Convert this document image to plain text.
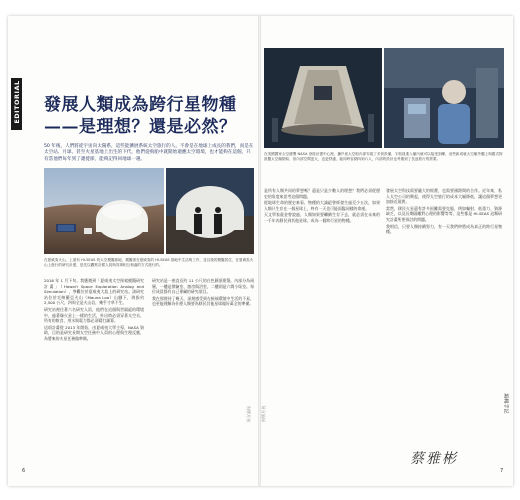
EDITORIAL 發展人類成為跨行星物種
——是理想？還是必然？
50 年後，人們將從宇宙向太陽系，這些能擴展系統太空旅行的人。不會是在地球上成長的我們，而是在太空站、月球、甚至火星基地上出生的下代，他們從飛船中就開始適應太空環境，也才能夠在這個，只有當他們每年到了遷徙節，能夠記得回地球一趟。
在夏威夷火山，上面有 HI-SEAS 的太空模擬基地，模擬著在夏威夷的 HI-SEAS 基地中生活與工作，並以後的模擬居住，在夏威夷火山上進行的研究計畫，是先以觀察各樣人員與同事相互相處的方式進行的。

2016 年 1 月下旬，我應邀到「夏威夷太空探索模擬研究計畫」（Hawai'i Space Exploration Analog and Simulation），參觀位於夏威夷大島上的研究站。該研究站位於毛納羅亞火山（Mauna Loa）山腳下，海拔約 2,500 公尺，四周全是火山岩，幾乎寸草不生。

研究站裡住著六名研究人員，他們在這個與世隔絕的環境中，過著像火星上一樣的生活，外出時必須穿著太空衣，所有的飲食、用水與電力都必須精打細算。

這項計畫從 2013 年開始，由夏威夷大學主導，NASA 資助，目的是研究長期太空任務中人員的心理與生理反應，為將來的火星任務做準備。

研究站是一座直徑約 11 公尺的白色圓頂建築，內部分為兩層，一樓是實驗室、廚房與浴室，二樓則是六間小臥室。每位成員都有自己專屬的研究項目。

我在那裡待了幾天，深刻感受到在極端環境中生活的不易，也更能理解為什麼人類要為移民其他星球做好萬全的準備。

6
科學月刊
在美國國家太空總署 NASA 登陸計畫中心裡，獵戶座太空船內部安裝了多套設備，宇航員進入艙內就可以接受訓練，這些新成就太空艙外觀上與舊式阿波羅太空艙類似，但內部空間更大，也更舒適，能同時容納四到六人，內部的設計也考慮到了長途旅行的需要。

是所有人類共同的夢想嗎？還是只是少數人的理想？我們必須從歷史的角度來思考這個問題。

從地球生命的歷史來看，物種的大滅絕曾經發生過至少五次，如果人類只生存在一個星球上，終有一天也可能面臨同樣的命運。

天文學家霍金曾說過，人類如果要繼續生存下去，就必須在未來的一千年內移民到其他星球，成為一個跨行星的物種。

發展太空科技需要龐大的經費，也需要國際間的合作。近年來，私人太空公司的興起，使得太空旅行的成本大幅降低，讓這個夢想更加接近現實。

當然，移民火星還有許多困難需要克服，例如輻射、低重力、資源缺乏，以及長期隔離對心理的影響等等，這些都是 HI-SEAS 這類研究計畫所要探討的問題。

我相信，只要人類持續努力，有一天我們終將成為真正的跨行星物種。

蔡雅彬
編輯手記
7
科學月刊
